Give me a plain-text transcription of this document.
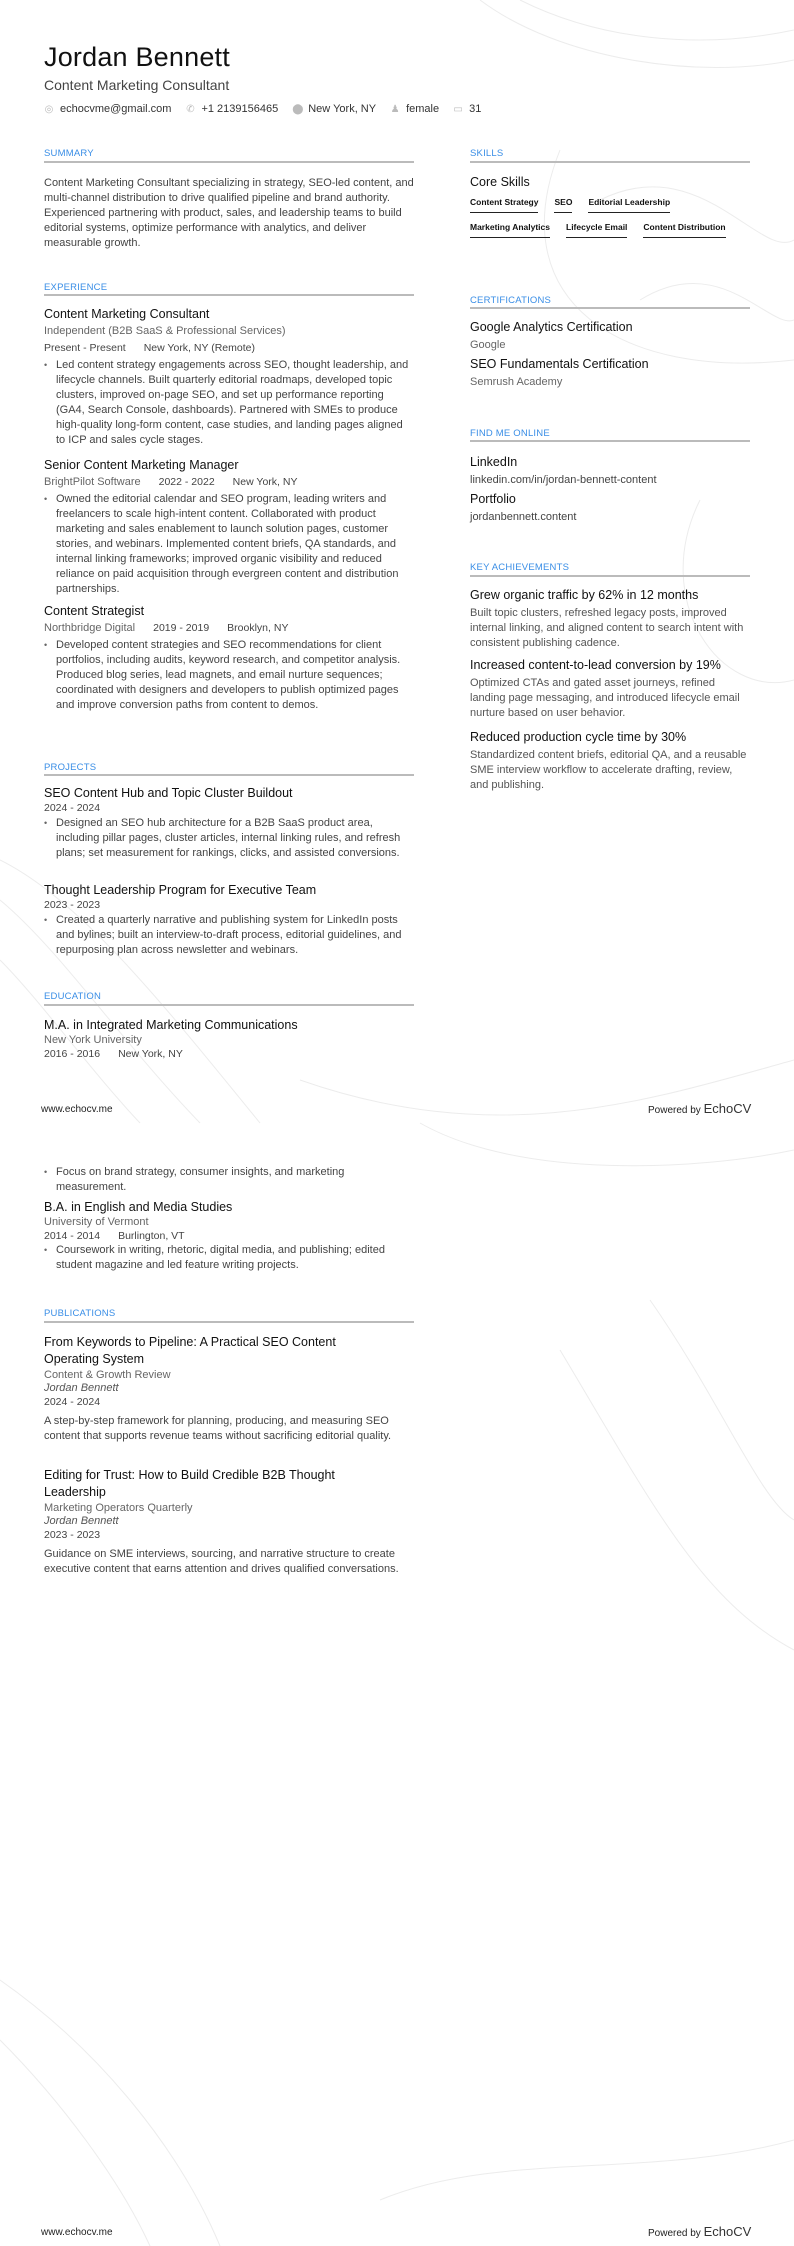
Jordan Bennett
Content Marketing Consultant
◎ echocvme@gmail.com ✆ +1 2139156465 ⬤ New York, NY ♟ female ▭ 31
SUMMARY
Content Marketing Consultant specializing in strategy, SEO-led content, and multi-channel distribution to drive qualified pipeline and brand authority. Experienced partnering with product, sales, and leadership teams to build editorial systems, optimize performance with analytics, and deliver measurable growth.
EXPERIENCE
Content Marketing Consultant
Independent (B2B SaaS & Professional Services)
Present - Present New York, NY (Remote)
• Led content strategy engagements across SEO, thought leadership, and lifecycle channels. Built quarterly editorial roadmaps, developed topic clusters, improved on-page SEO, and set up performance reporting (GA4, Search Console, dashboards). Partnered with SMEs to produce high-quality long-form content, case studies, and landing pages aligned to ICP and sales cycle stages.
Senior Content Marketing Manager
BrightPilot Software 2022 - 2022 New York, NY
• Owned the editorial calendar and SEO program, leading writers and freelancers to scale high-intent content. Collaborated with product marketing and sales enablement to launch solution pages, customer stories, and webinars. Implemented content briefs, QA standards, and internal linking frameworks; improved organic visibility and reduced reliance on paid acquisition through evergreen content and distribution partnerships.
Content Strategist
Northbridge Digital 2019 - 2019 Brooklyn, NY
• Developed content strategies and SEO recommendations for client portfolios, including audits, keyword research, and competitor analysis. Produced blog series, lead magnets, and email nurture sequences; coordinated with designers and developers to publish optimized pages and improve conversion paths from content to demos.
PROJECTS
SEO Content Hub and Topic Cluster Buildout
2024 - 2024
• Designed an SEO hub architecture for a B2B SaaS product area, including pillar pages, cluster articles, internal linking rules, and refresh plans; set measurement for rankings, clicks, and assisted conversions.
Thought Leadership Program for Executive Team
2023 - 2023
• Created a quarterly narrative and publishing system for LinkedIn posts and bylines; built an interview-to-draft process, editorial guidelines, and repurposing plan across newsletter and webinars.
EDUCATION
M.A. in Integrated Marketing Communications
New York University
2016 - 2016 New York, NY
www.echocv.me	Powered by EchoCV
• Focus on brand strategy, consumer insights, and marketing measurement.
B.A. in English and Media Studies
University of Vermont
2014 - 2014 Burlington, VT
• Coursework in writing, rhetoric, digital media, and publishing; edited student magazine and led feature writing projects.
PUBLICATIONS
From Keywords to Pipeline: A Practical SEO Content Operating System
Content & Growth Review
Jordan Bennett
2024 - 2024
A step-by-step framework for planning, producing, and measuring SEO content that supports revenue teams without sacrificing editorial quality.
Editing for Trust: How to Build Credible B2B Thought Leadership
Marketing Operators Quarterly
Jordan Bennett
2023 - 2023
Guidance on SME interviews, sourcing, and narrative structure to create executive content that earns attention and drives qualified conversations.
www.echocv.me	Powered by EchoCV
SKILLS
Core Skills
Content Strategy SEO Editorial Leadership
Marketing Analytics Lifecycle Email Content Distribution
CERTIFICATIONS
Google Analytics Certification
Google
SEO Fundamentals Certification
Semrush Academy
FIND ME ONLINE
LinkedIn
linkedin.com/in/jordan-bennett-content
Portfolio
jordanbennett.content
KEY ACHIEVEMENTS
Grew organic traffic by 62% in 12 months
Built topic clusters, refreshed legacy posts, improved internal linking, and aligned content to search intent with consistent publishing cadence.
Increased content-to-lead conversion by 19%
Optimized CTAs and gated asset journeys, refined landing page messaging, and introduced lifecycle email nurture based on user behavior.
Reduced production cycle time by 30%
Standardized content briefs, editorial QA, and a reusable SME interview workflow to accelerate drafting, review, and publishing.
